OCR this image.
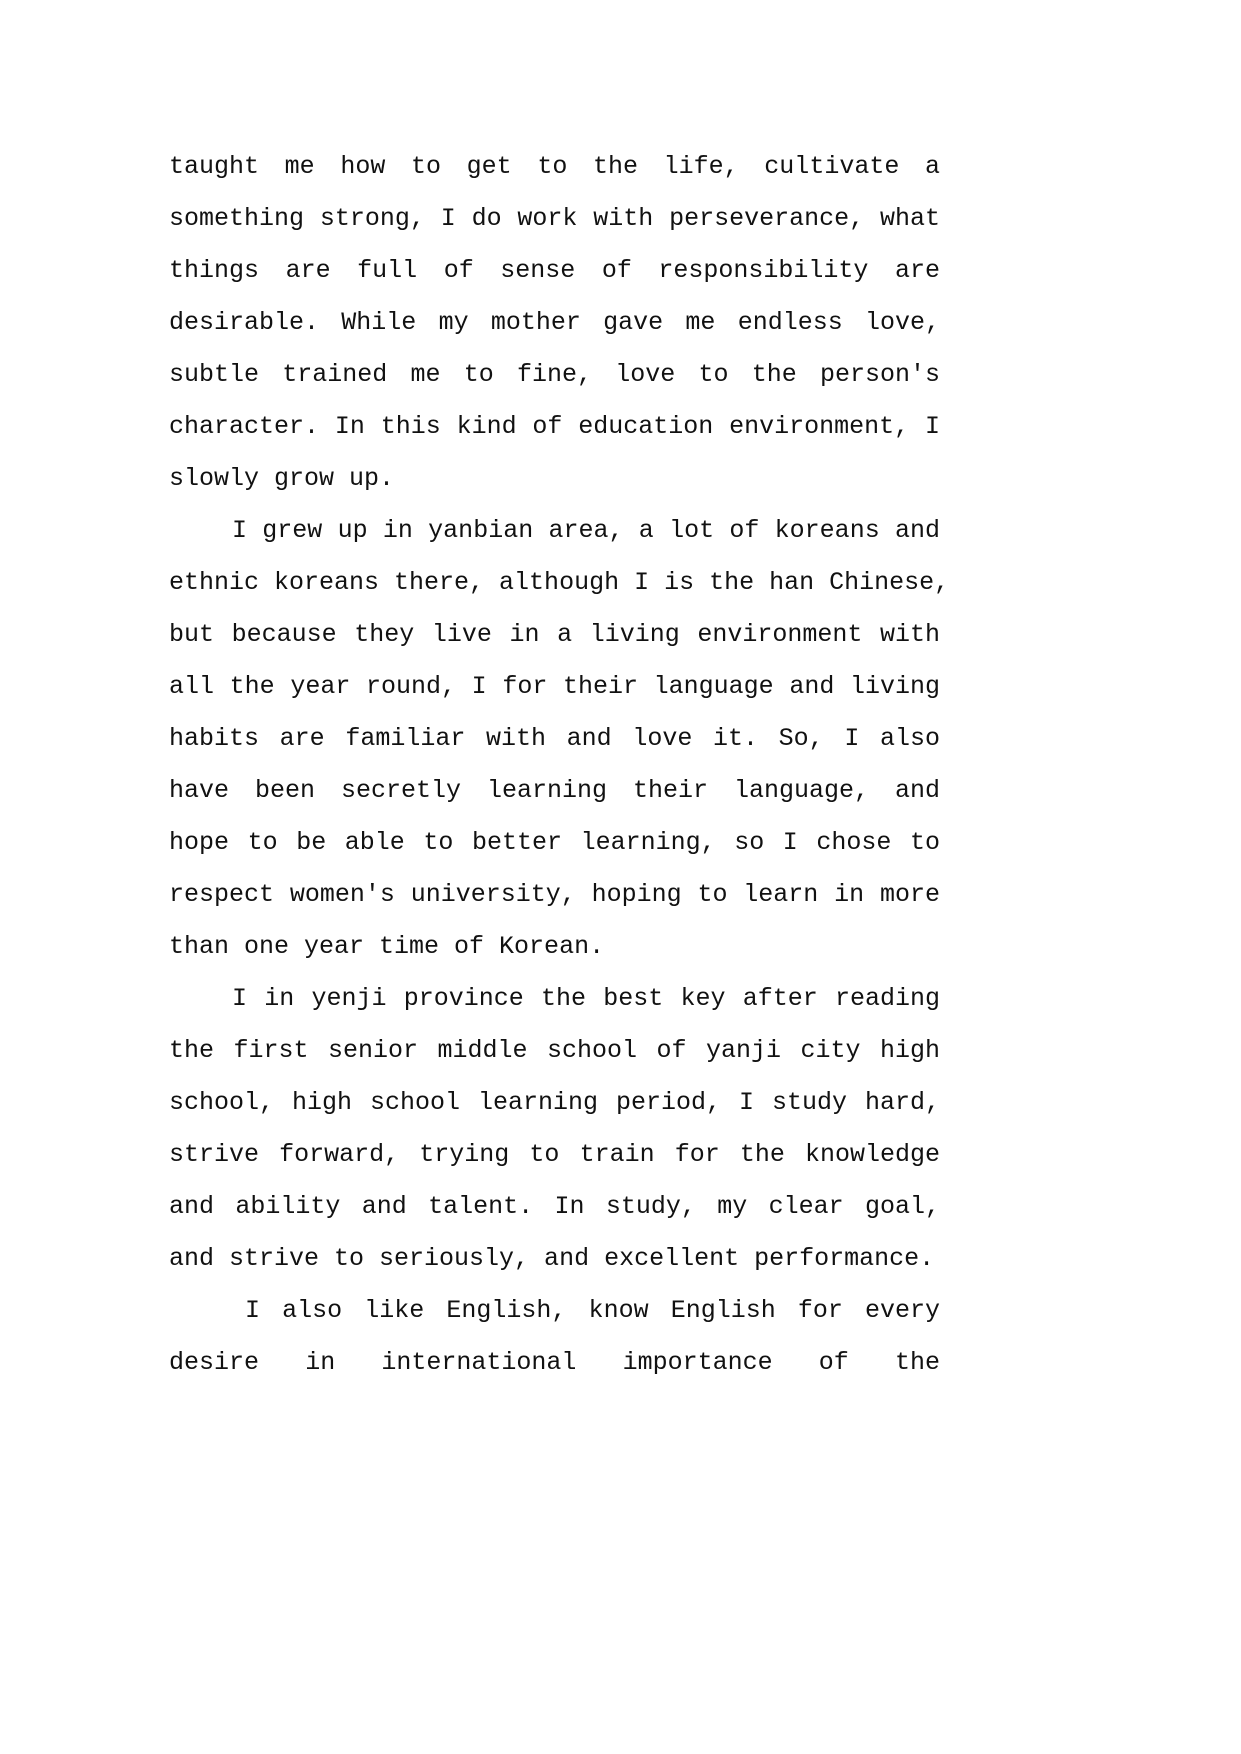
taught me how to get to the life, cultivate a
something strong, I do work with perseverance, what
things are full of sense of responsibility are
desirable. While my mother gave me endless love,
subtle trained me to fine, love to the person's
character. In this kind of education environment, I
slowly grow up.
I grew up in yanbian area, a lot of koreans and
ethnic koreans there, although I is the han Chinese,
but because they live in a living environment with
all the year round, I for their language and living
habits are familiar with and love it. So, I also
have been secretly learning their language, and
hope to be able to better learning, so I chose to
respect women's university, hoping to learn in more
than one year time of Korean.
I in yenji province the best key after reading
the first senior middle school of yanji city high
school, high school learning period, I study hard,
strive forward, trying to train for the knowledge
and ability and talent. In study, my clear goal,
and strive to seriously, and excellent performance.
I also like English, know English for every
desire in international importance of the
